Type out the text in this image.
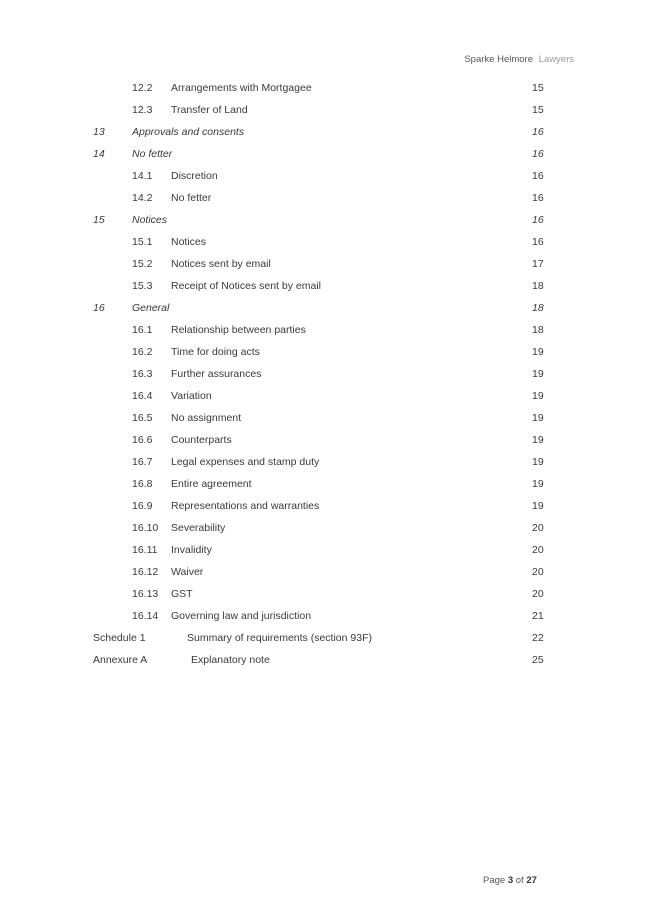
Sparke Helmore Lawyers
12.2 Arrangements with Mortgagee	15
12.3 Transfer of Land	15
13	Approvals and consents	16
14	No fetter	16
14.1 Discretion	16
14.2 No fetter	16
15	Notices	16
15.1 Notices	16
15.2 Notices sent by email	17
15.3 Receipt of Notices sent by email	18
16	General	18
16.1 Relationship between parties	18
16.2 Time for doing acts	19
16.3 Further assurances	19
16.4 Variation	19
16.5 No assignment	19
16.6 Counterparts	19
16.7 Legal expenses and stamp duty	19
16.8 Entire agreement	19
16.9 Representations and warranties	19
16.10 Severability	20
16.11 Invalidity	20
16.12 Waiver	20
16.13 GST	20
16.14 Governing law and jurisdiction	21
Schedule 1	Summary of requirements (section 93F)	22
Annexure A	Explanatory note	25
Page 3 of 27
